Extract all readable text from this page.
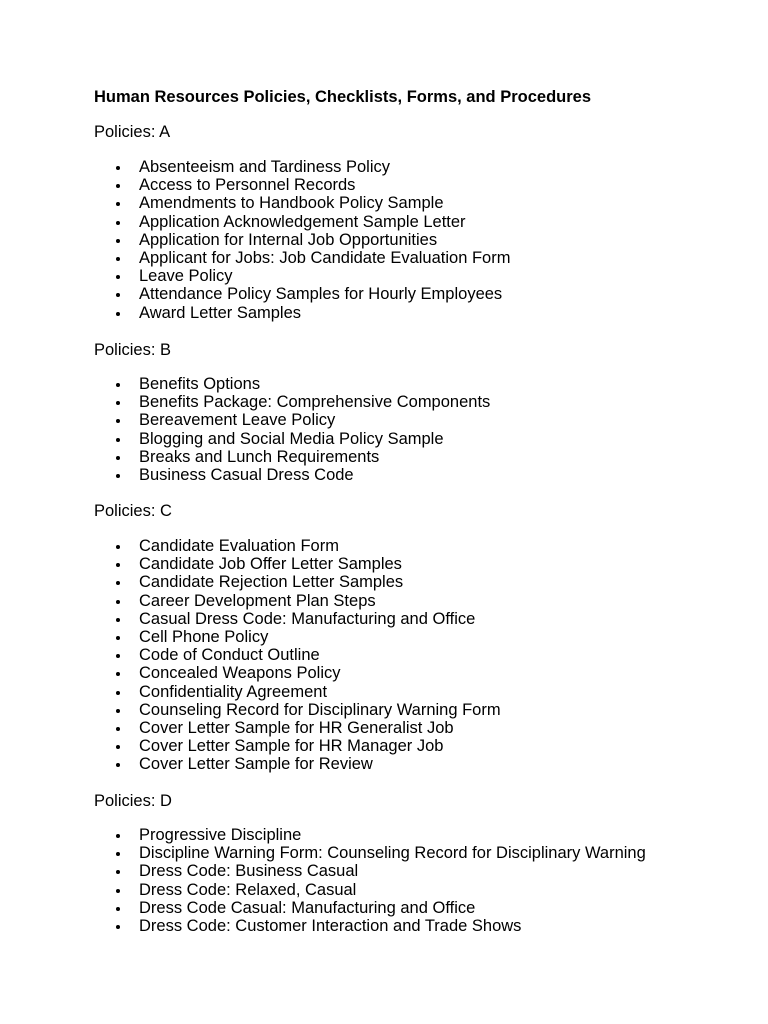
Human Resources Policies, Checklists, Forms, and Procedures
Policies: A
Absenteeism and Tardiness Policy
Access to Personnel Records
Amendments to Handbook Policy Sample
Application Acknowledgement Sample Letter
Application for Internal Job Opportunities
Applicant for Jobs: Job Candidate Evaluation Form
Leave Policy
Attendance Policy Samples for Hourly Employees
Award Letter Samples
Policies: B
Benefits Options
Benefits Package: Comprehensive Components
Bereavement Leave Policy
Blogging and Social Media Policy Sample
Breaks and Lunch Requirements
Business Casual Dress Code
Policies: C
Candidate Evaluation Form
Candidate Job Offer Letter Samples
Candidate Rejection Letter Samples
Career Development Plan Steps
Casual Dress Code: Manufacturing and Office
Cell Phone Policy
Code of Conduct Outline
Concealed Weapons Policy
Confidentiality Agreement
Counseling Record for Disciplinary Warning Form
Cover Letter Sample for HR Generalist Job
Cover Letter Sample for HR Manager Job
Cover Letter Sample for Review
Policies: D
Progressive Discipline
Discipline Warning Form: Counseling Record for Disciplinary Warning
Dress Code: Business Casual
Dress Code: Relaxed, Casual
Dress Code Casual: Manufacturing and Office
Dress Code: Customer Interaction and Trade Shows
